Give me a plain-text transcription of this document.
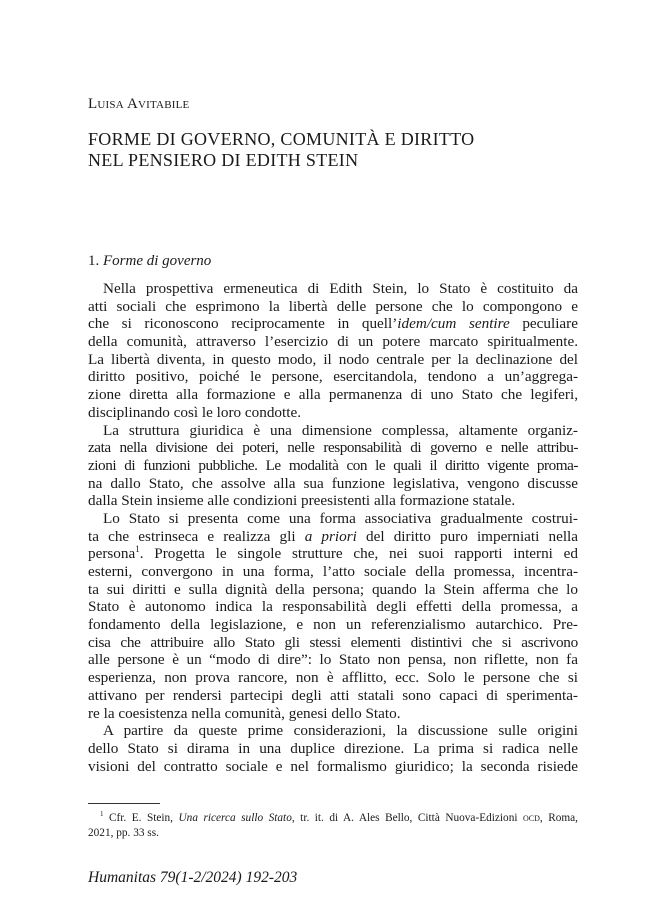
Luisa Avitabile
FORME DI GOVERNO, COMUNITÀ E DIRITTO
NEL PENSIERO DI EDITH STEIN
1. Forme di governo
Nella prospettiva ermeneutica di Edith Stein, lo Stato è costituito da
atti sociali che esprimono la libertà delle persone che lo compongono e
che si riconoscono reciprocamente in quell’idem/cum sentire peculiare
della comunità, attraverso l’esercizio di un potere marcato spiritualmente.
La libertà diventa, in questo modo, il nodo centrale per la declinazione del
diritto positivo, poiché le persone, esercitandola, tendono a un’aggrega-
zione diretta alla formazione e alla permanenza di uno Stato che legiferi,
disciplinando così le loro condotte.
La struttura giuridica è una dimensione complessa, altamente organiz-
zata nella divisione dei poteri, nelle responsabilità di governo e nelle attribu-
zioni di funzioni pubbliche. Le modalità con le quali il diritto vigente proma-
na dallo Stato, che assolve alla sua funzione legislativa, vengono discusse
dalla Stein insieme alle condizioni preesistenti alla formazione statale.
Lo Stato si presenta come una forma associativa gradualmente costrui-
ta che estrinseca e realizza gli a priori del diritto puro imperniati nella
persona$^1$. Progetta le singole strutture che, nei suoi rapporti interni ed
esterni, convergono in una forma, l’atto sociale della promessa, incentra-
ta sui diritti e sulla dignità della persona; quando la Stein afferma che lo
Stato è autonomo indica la responsabilità degli effetti della promessa, a
fondamento della legislazione, e non un referenzialismo autarchico. Pre-
cisa che attribuire allo Stato gli stessi elementi distintivi che si ascrivono
alle persone è un “modo di dire”: lo Stato non pensa, non riflette, non fa
esperienza, non prova rancore, non è afflitto, ecc. Solo le persone che si
attivano per rendersi partecipi degli atti statali sono capaci di sperimenta-
re la coesistenza nella comunità, genesi dello Stato.
A partire da queste prime considerazioni, la discussione sulle origini
dello Stato si dirama in una duplice direzione. La prima si radica nelle
visioni del contratto sociale e nel formalismo giuridico; la seconda risiede
$^1$ Cfr. E. Stein, Una ricerca sullo Stato, tr. it. di A. Ales Bello, Città Nuova-Edizioni ocd, Roma,
2021, pp. 33 ss.
Humanitas 79(1-2/2024) 192-203
